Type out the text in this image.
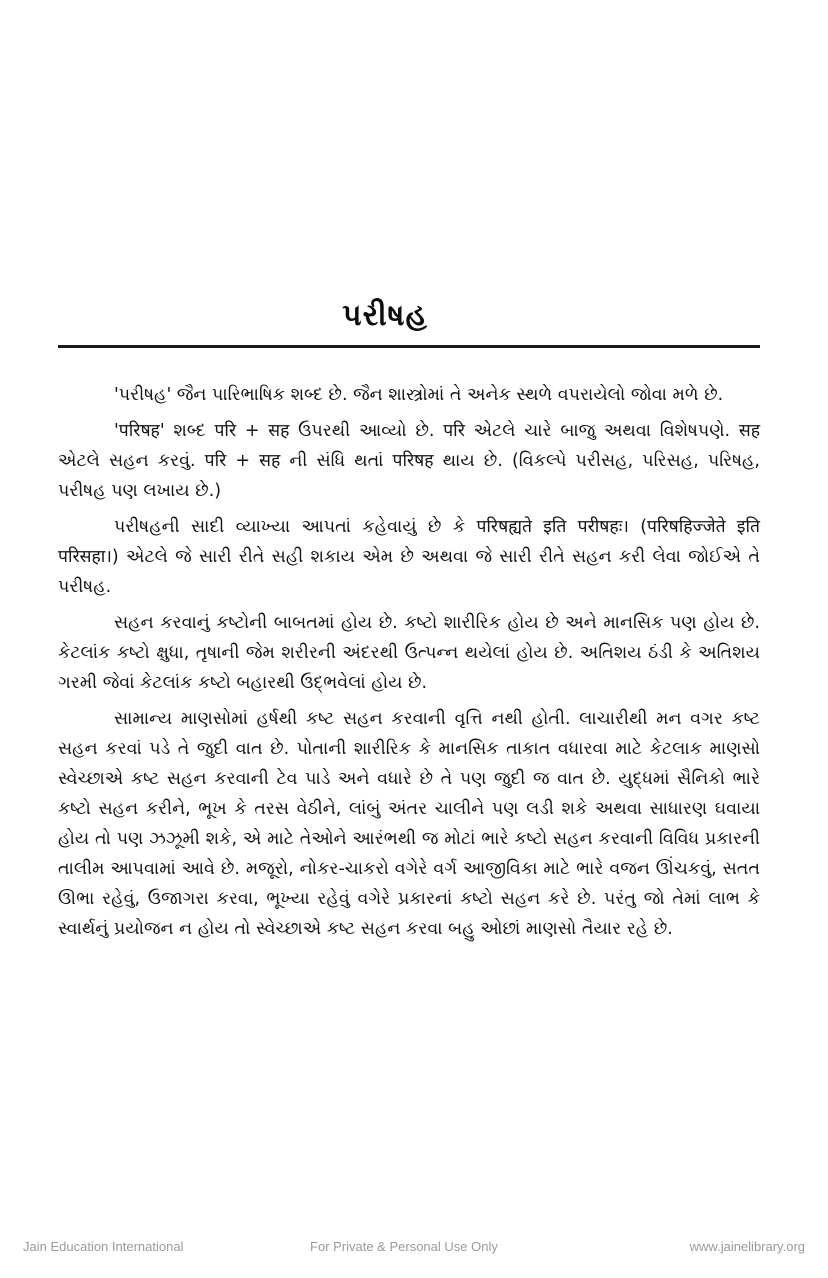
પરીષહ

'પરીષહ' જૈન પારિભાષિક શબ્દ છે. જૈન શાસ્ત્રોમાં તે અનેક સ્થળે વપરાયેલો જોવા મળે છે.

'परिषह' શબ્દ परि + सह ઉપરથી આવ્યો છે. परि એટલે ચારે બાજુ અથવા વિશેષપણે. सह એટલે સહન કરવું. परि + सह ની સંધિ થતાં परिषह થાય છે. (વિકલ્પે પરીસહ, પરિસહ, પરિષહ, પરીષહ પણ લખાય છે.)

પરીષહની સાદી વ્યાખ્યા આપતાં કહેવાયું છે કે परिषह्यते इति परीषहः। (परिषहिज्जेते इति परिसहा।) એટલે જે સારી રીતે સહી શકાય એમ છે અથવા જે સારી રીતે સહન કરી લેવા જોઈએ તે પરીષહ.

સહન કરવાનું કષ્ટોની બાબતમાં હોય છે. કષ્ટો શારીરિક હોય છે અને માનસિક પણ હોય છે. કેટલાંક કષ્ટો ક્ષુધા, તૃષાની જેમ શરીરની અંદરથી ઉત્પન્ન થયેલાં હોય છે. અતિશય ઠંડી કે અતિશય ગરમી જેવાં કેટલાંક કષ્ટો બહારથી ઉદ્ભવેલાં હોય છે.

સામાન્ય માણસોમાં હર્ષથી કષ્ટ સહન કરવાની વૃત્તિ નથી હોતી. લાચારીથી મન વગર કષ્ટ સહન કરવાં પડે તે જુદી વાત છે. પોતાની શારીરિક કે માનસિક તાકાત વધારવા માટે કેટલાક માણસો સ્વેચ્છાએ કષ્ટ સહન કરવાની ટેવ પાડે અને વધારે છે તે પણ જુદી જ વાત છે. યુદ્ધમાં સૈનિકો ભારે કષ્ટો સહન કરીને, ભૂખ કે તરસ વેઠીને, લાંબું અંતર ચાલીને પણ લડી શકે અથવા સાધારણ ઘવાયા હોય તો પણ ઝઝૂમી શકે, એ માટે તેઓને આરંભથી જ મોટાં ભારે કષ્ટો સહન કરવાની વિવિધ પ્રકારની તાલીમ આપવામાં આવે છે. મજૂરો, નોકર-ચાકરો વગેરે વર્ગ આજીવિકા માટે ભારે વજન ઊંચકવું, સતત ઊભા રહેવું, ઉજાગરા કરવા, ભૂખ્યા રહેવું વગેરે પ્રકારનાં કષ્ટો સહન કરે છે. પરંતુ જો તેમાં લાભ કે સ્વાર્થનું પ્રયોજન ન હોય તો સ્વેચ્છાએ કષ્ટ સહન કરવા બહુ ઓછાં માણસો તૈયાર રહે છે.

Jain Education International	For Private & Personal Use Only	www.jainelibrary.org
